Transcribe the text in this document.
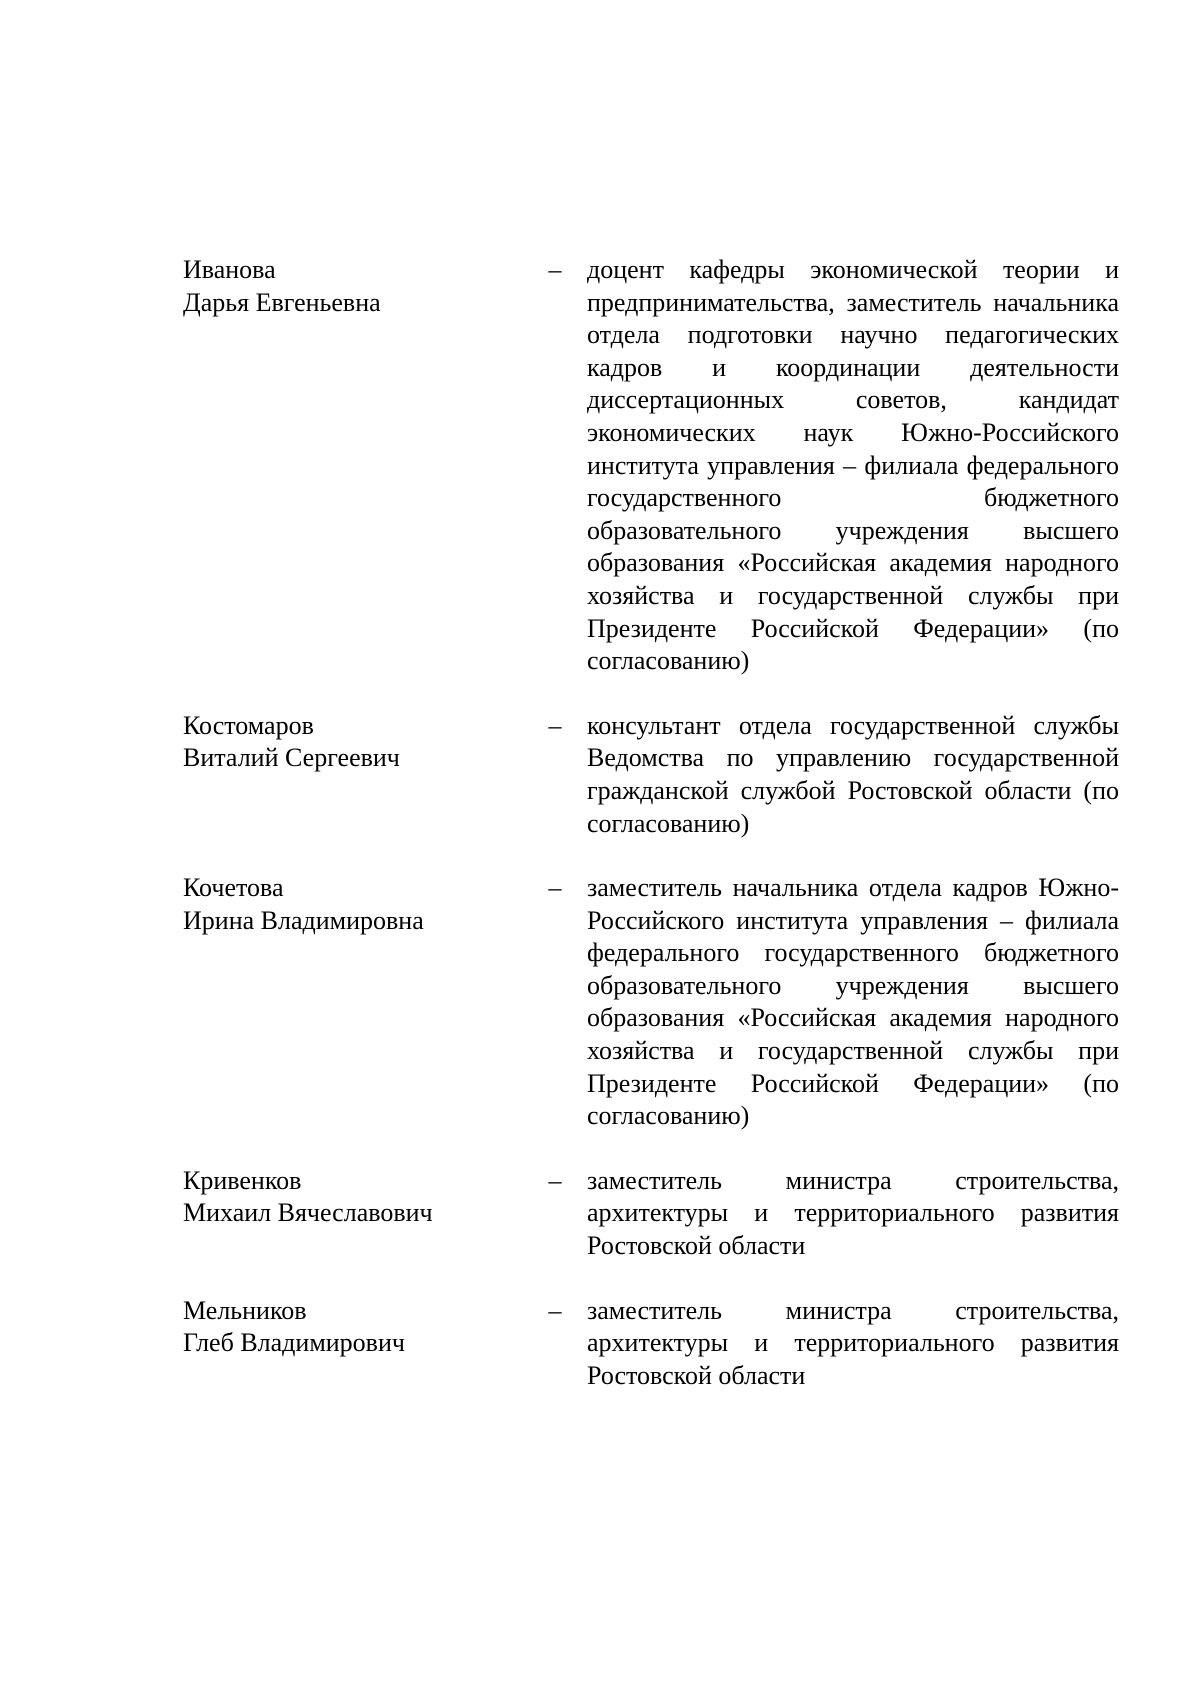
Иванова
Дарья Евгеньевна
– доцент кафедры экономической теории и предпринимательства, заместитель начальника отдела подготовки научно педагогических кадров и координации деятельности диссертационных советов, кандидат экономических наук Южно-Российского института управления – филиала федерального государственного бюджетного образовательного учреждения высшего образования «Российская академия народного хозяйства и государственной службы при Президенте Российской Федерации» (по согласованию)
Костомаров
Виталий Сергеевич
– консультант отдела государственной службы Ведомства по управлению государственной гражданской службой Ростовской области (по согласованию)
Кочетова
Ирина Владимировна
– заместитель начальника отдела кадров Южно-Российского института управления – филиала федерального государственного бюджетного образовательного учреждения высшего образования «Российская академия народного хозяйства и государственной службы при Президенте Российской Федерации» (по согласованию)
Кривенков
Михаил Вячеславович
– заместитель министра строительства, архитектуры и территориального развития Ростовской области
Мельников
Глеб Владимирович
– заместитель министра строительства, архитектуры и территориального развития Ростовской области
